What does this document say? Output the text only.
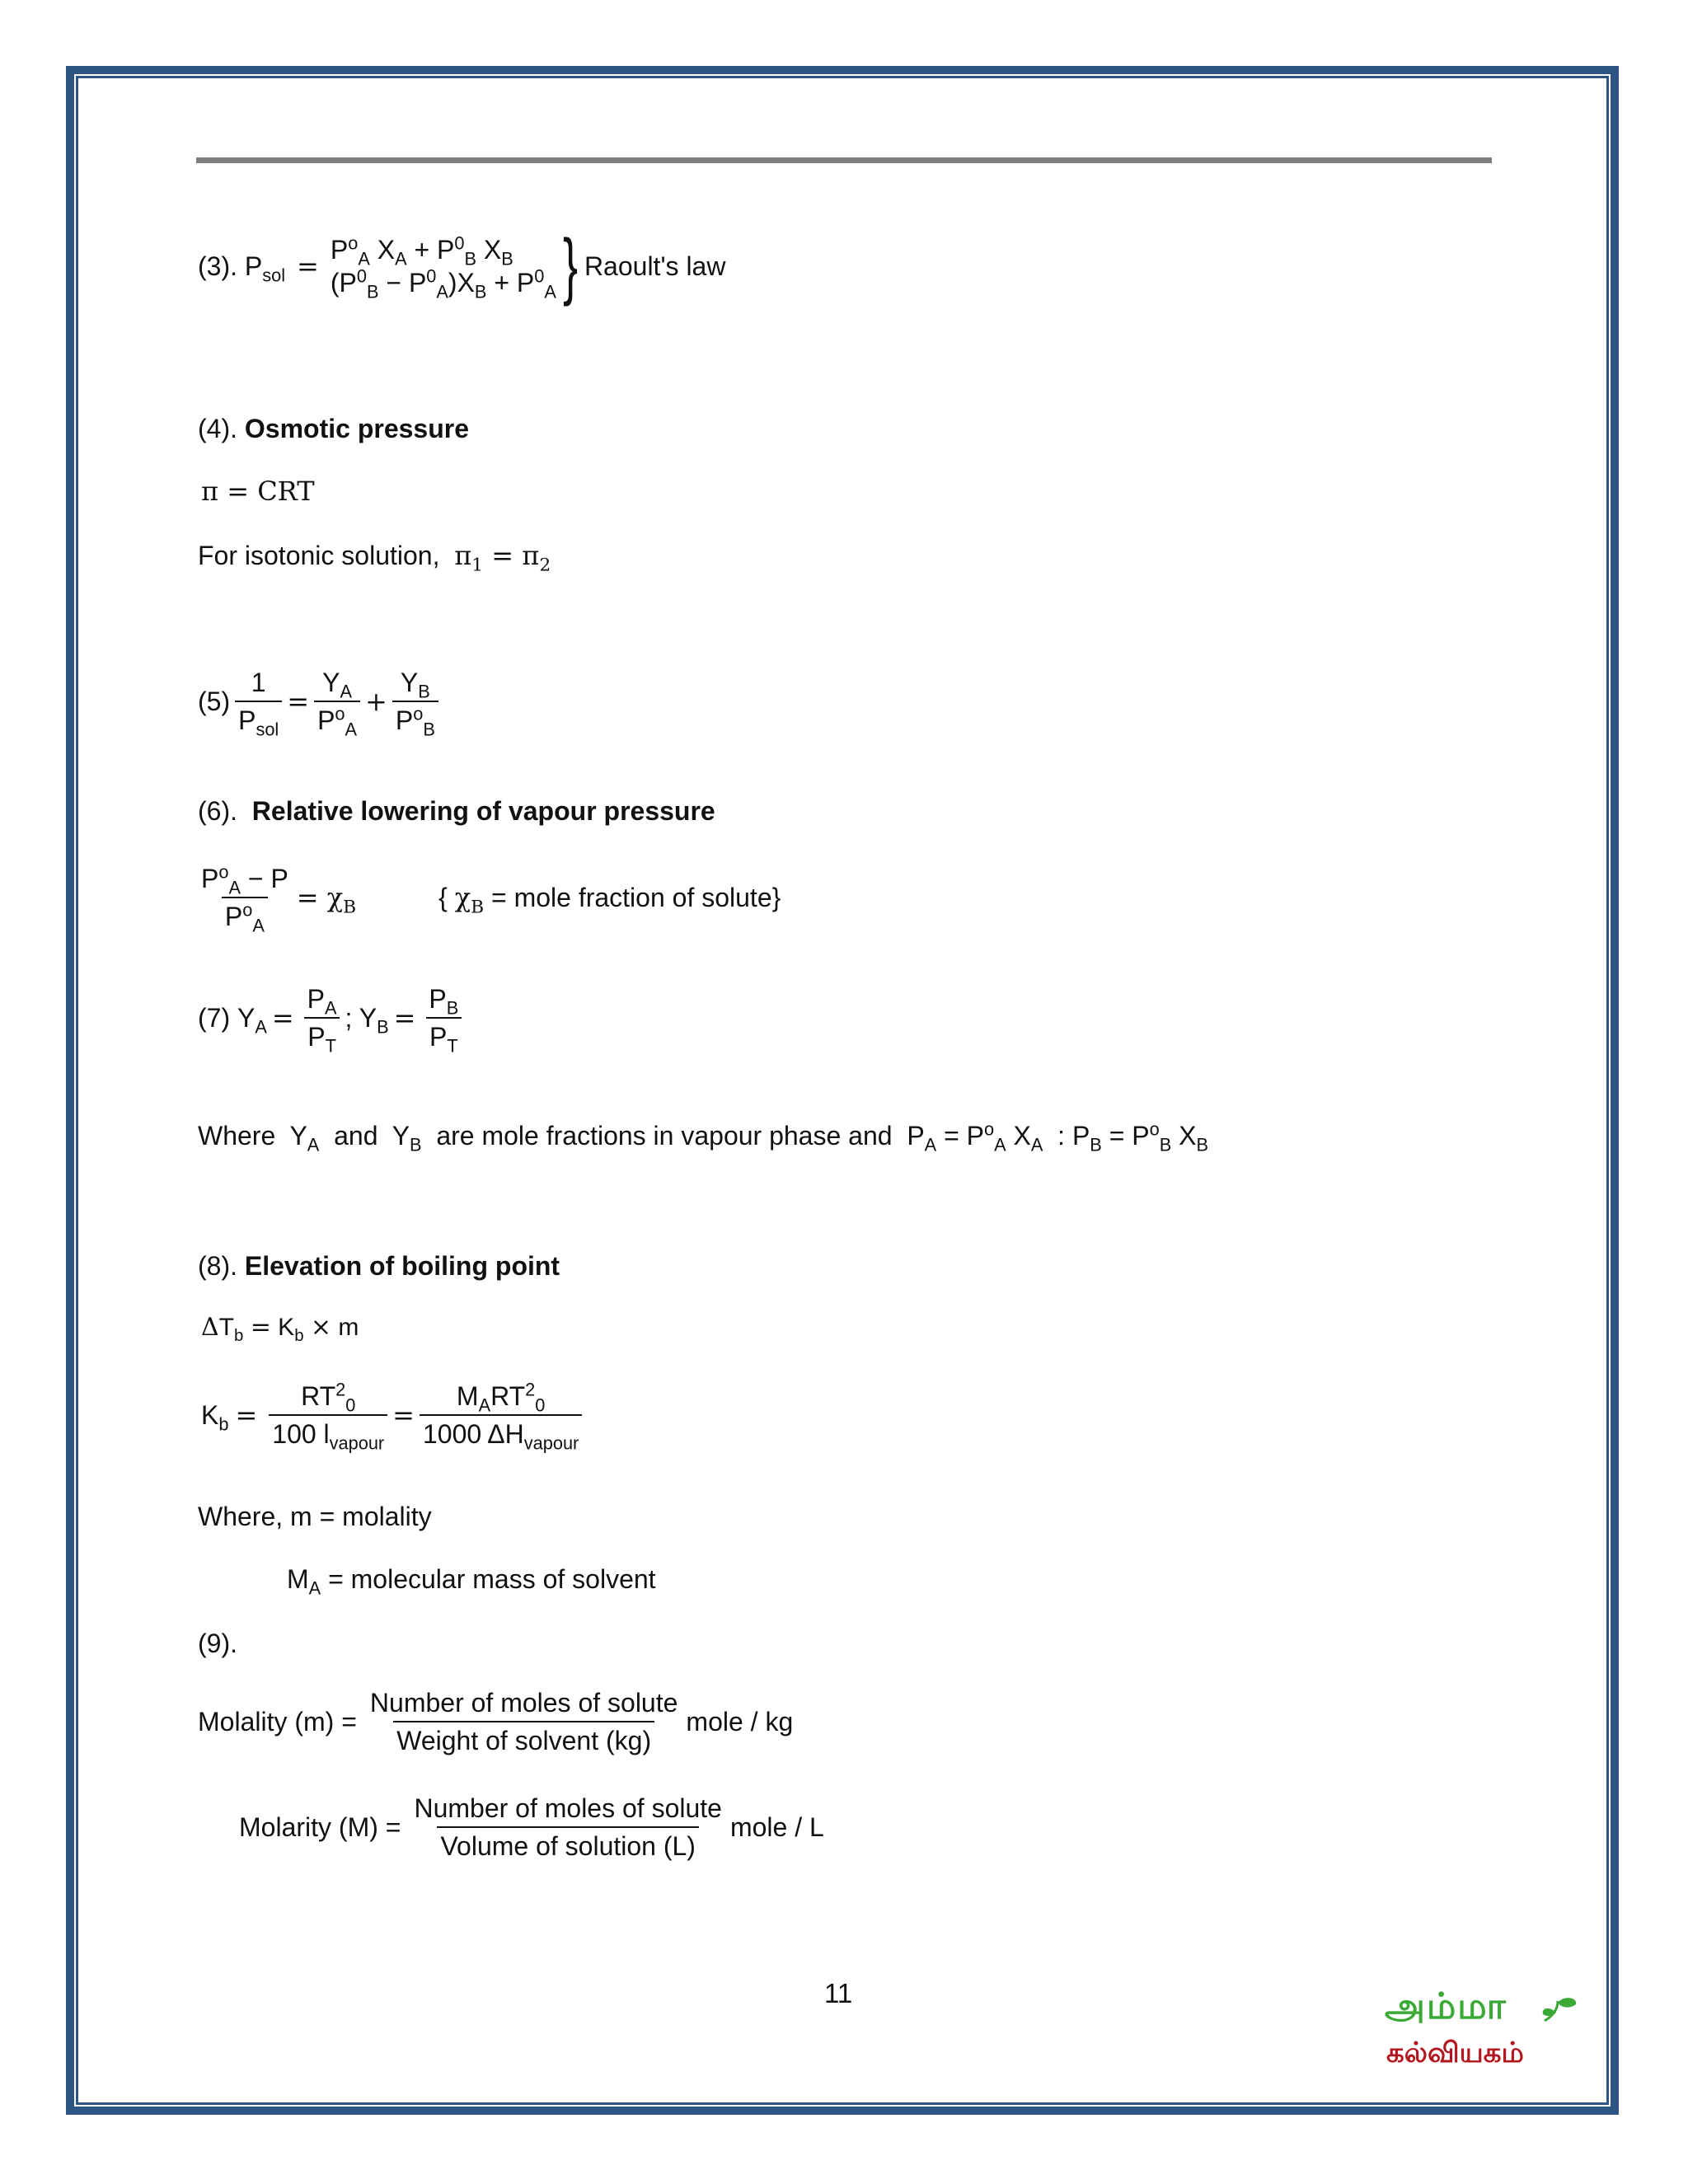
(3).
$P_{sol}$ =
$P^o_A$ $X_A + P^0_B$ $X_B$
$(P^0_B - P^0_A)X_B + P^0_A$ } Raoult's law
(4). Osmotic pressure
π = CRT
For isotonic solution, $\pi_1 = \pi_2$
$(5) \frac{1}{P_{sol}} = \frac{Y_A}{P^o_A} + \frac{Y_B}{P^o_B}$
(6). Relative lowering of vapour pressure
$\frac{P^o_A - P}{P^o_A} = \chi_B$	{ $\chi_B$ = mole fraction of solute}
(7)
$Y_A = \frac{P_A}{P_T}$ ; $Y_B = \frac{P_B}{P_T}$
Where $Y_A$ and $Y_B$ are mole fractions in vapour phase and $P_A = P^o_A$ $X_A$  : $P_B = P^o_B$ $X_B$
(8). Elevation of boiling point
$\Delta T_b = K_b \times m$
$K_b = \frac{RT^2_0}{100 l_{vapour}} = \frac{M_ART^2_0}{1000 \Delta H_{vapour}}$
Where, m = molality
$M_A$ = molecular mass of solvent
(9).
Molality $(m) = \frac{\text{Number of moles of solute}}{\text{Weight of solvent (kg)}}$ mole / kg
Molarity $(M) = \frac{\text{Number of moles of solute}}{\text{Volume of solution (L)}}$ mole / L
11	அம்மா
கல்வியகம்
